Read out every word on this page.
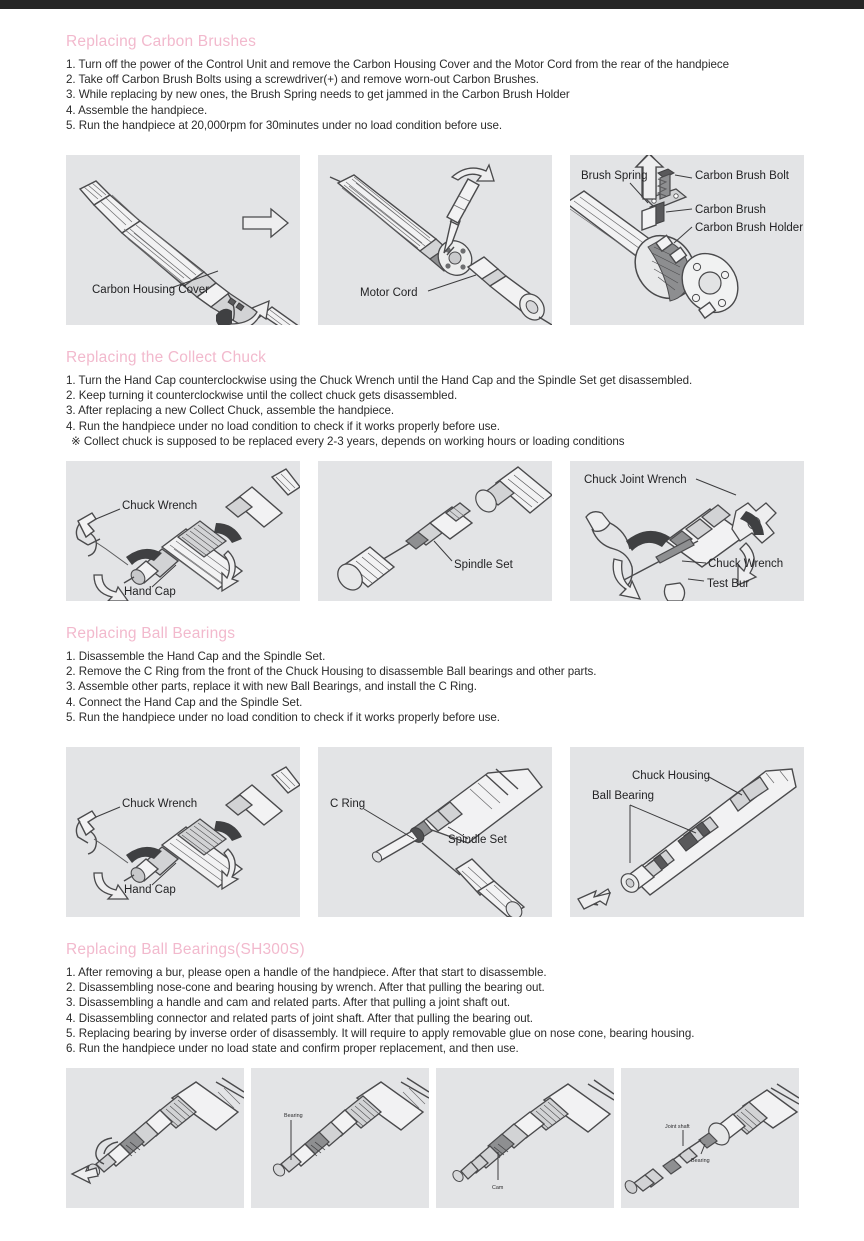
Replacing Carbon Brushes
1. Turn off the power of the Control Unit and remove the Carbon Housing Cover and the Motor Cord from the rear of the handpiece
2. Take off Carbon Brush Bolts using a screwdriver(+) and remove worn-out Carbon Brushes.
3. While replacing by new ones, the Brush Spring needs to get jammed in the Carbon Brush Holder
4. Assemble the handpiece.
5. Run the handpiece at 20,000rpm for 30minutes under no load condition before use.
Carbon Housing Cover	Motor Cord
Brush Spring	Carbon Brush Bolt
Carbon Brush
Carbon Brush Holder
Replacing the Collect Chuck
1. Turn the Hand Cap counterclockwise using the Chuck Wrench until the Hand Cap and the Spindle Set get disassembled.
2. Keep turning it counterclockwise until the collect chuck gets disassembled.
3. After replacing a new Collect Chuck, assemble the handpiece.
4. Run the handpiece under no load condition to check if it works properly before use.
※ Collect chuck is supposed to be replaced every 2-3 years, depends on working hours or loading conditions
Chuck Wrench
Hand Cap
Spindle Set
Chuck Joint Wrench
Chuck Wrench
Test Bur
Replacing Ball Bearings
1. Disassemble the Hand Cap and the Spindle Set.
2. Remove the C Ring from the front of the Chuck Housing to disassemble Ball bearings and other parts.
3. Assemble other parts, replace it with new Ball Bearings, and install the C Ring.
4. Connect the Hand Cap and the Spindle Set.
5. Run the handpiece under no load condition to check if it works properly before use.
Chuck Wrench
Hand Cap
C Ring
Spindle Set
Chuck Housing
Ball Bearing
Replacing Ball Bearings(SH300S)
1. After removing a bur, please open a handle of the handpiece. After that start to disassemble.
2. Disassembling nose-cone and bearing housing by wrench. After that pulling the bearing out.
3. Disassembling a handle and cam and related parts. After that pulling a joint shaft out.
4. Disassembling connector and related parts of joint shaft. After that pulling the bearing out.
5. Replacing bearing by inverse order of disassembly. It will require to apply removable glue on nose cone, bearing housing.
6. Run the handpiece under no load state and confirm proper replacement, and then use.
Bearing
Cam
Joint shaft
Bearing
